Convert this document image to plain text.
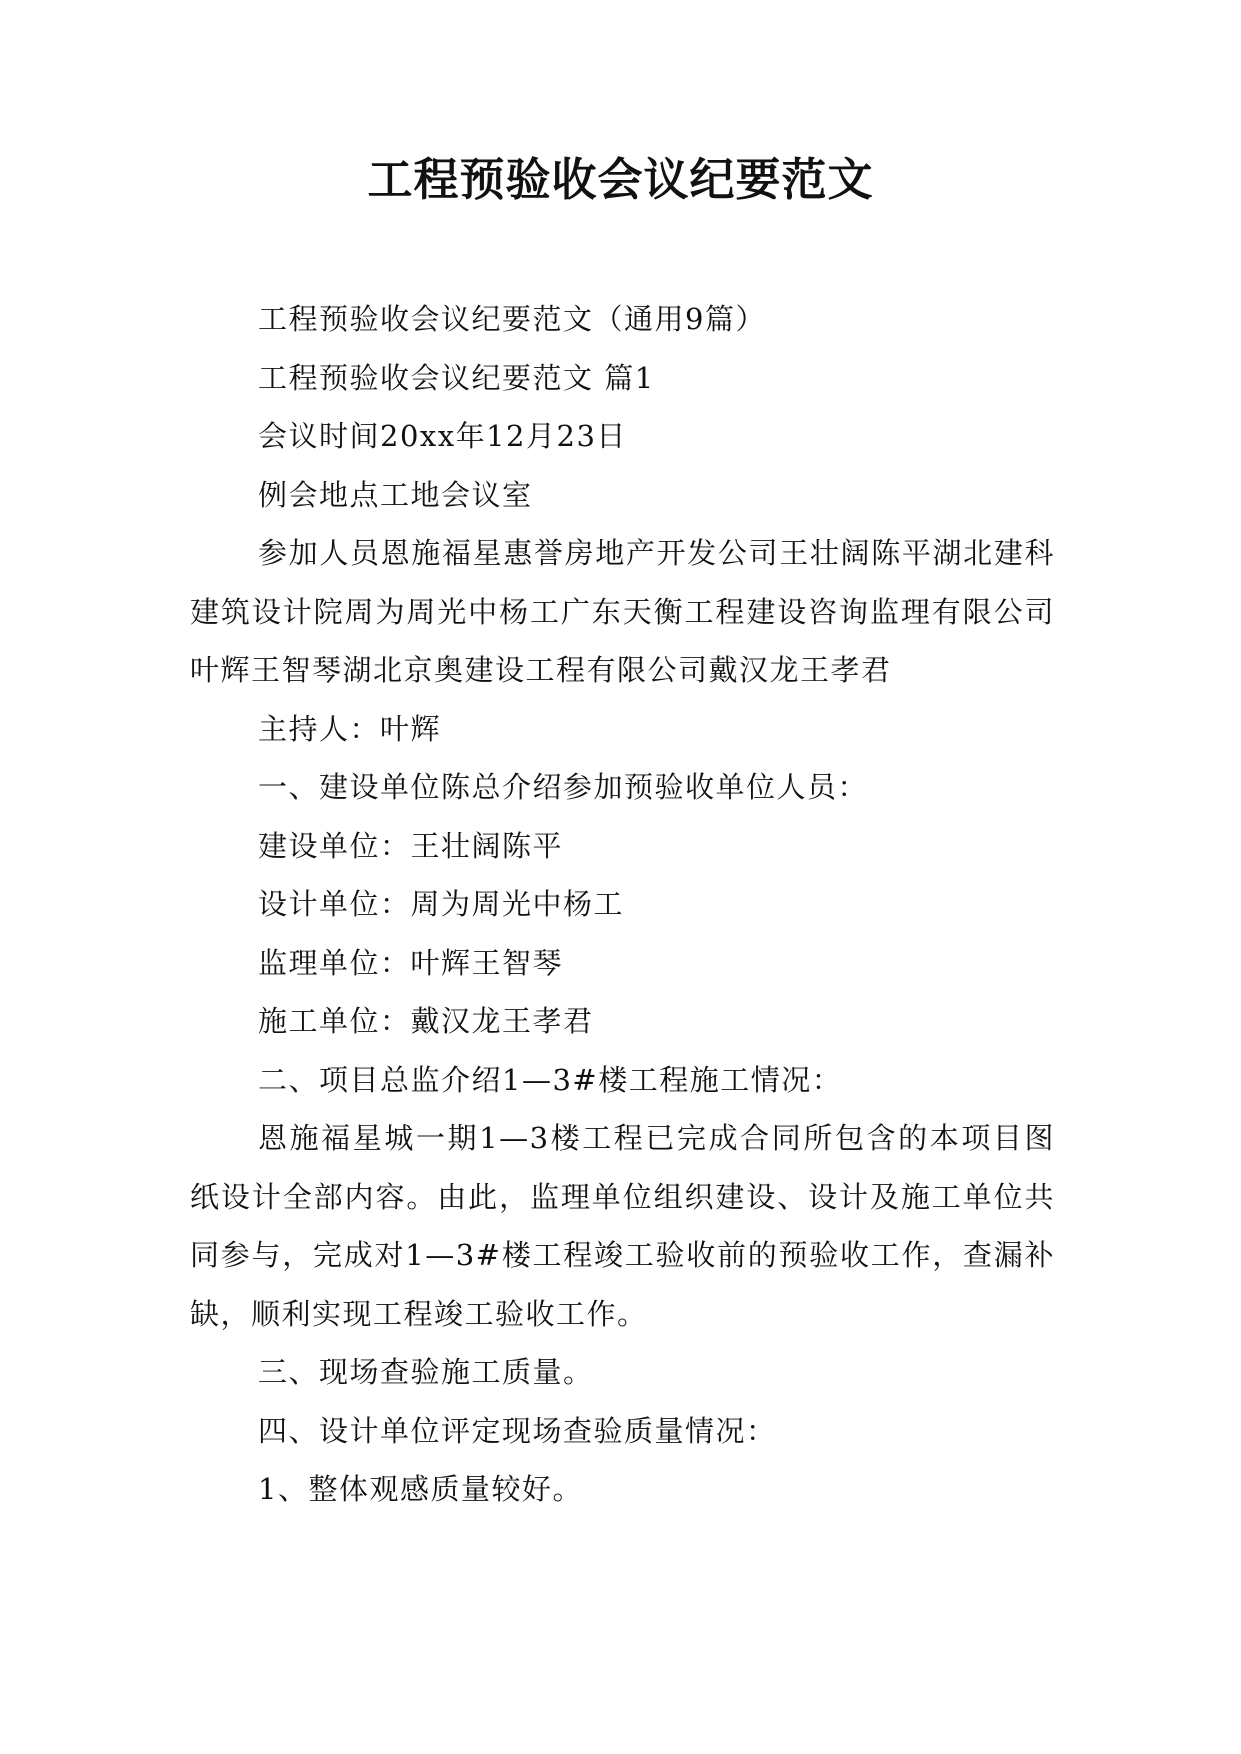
工程预验收会议纪要范文

工程预验收会议纪要范文（通用9篇）

工程预验收会议纪要范文 篇1

会议时间20xx年12月23日

例会地点工地会议室

参加人员恩施福星惠誉房地产开发公司王壮阔陈平湖北建科建筑设计院周为周光中杨工广东天衡工程建设咨询监理有限公司叶辉王智琴湖北京奥建设工程有限公司戴汉龙王孝君

主持人：叶辉

一、建设单位陈总介绍参加预验收单位人员：

建设单位：王壮阔陈平

设计单位：周为周光中杨工

监理单位：叶辉王智琴

施工单位：戴汉龙王孝君

二、项目总监介绍1—3#楼工程施工情况：

恩施福星城一期1—3楼工程已完成合同所包含的本项目图纸设计全部内容。由此，监理单位组织建设、设计及施工单位共同参与，完成对1—3#楼工程竣工验收前的预验收工作，查漏补缺，顺利实现工程竣工验收工作。

三、现场查验施工质量。

四、设计单位评定现场查验质量情况：

1、整体观感质量较好。
